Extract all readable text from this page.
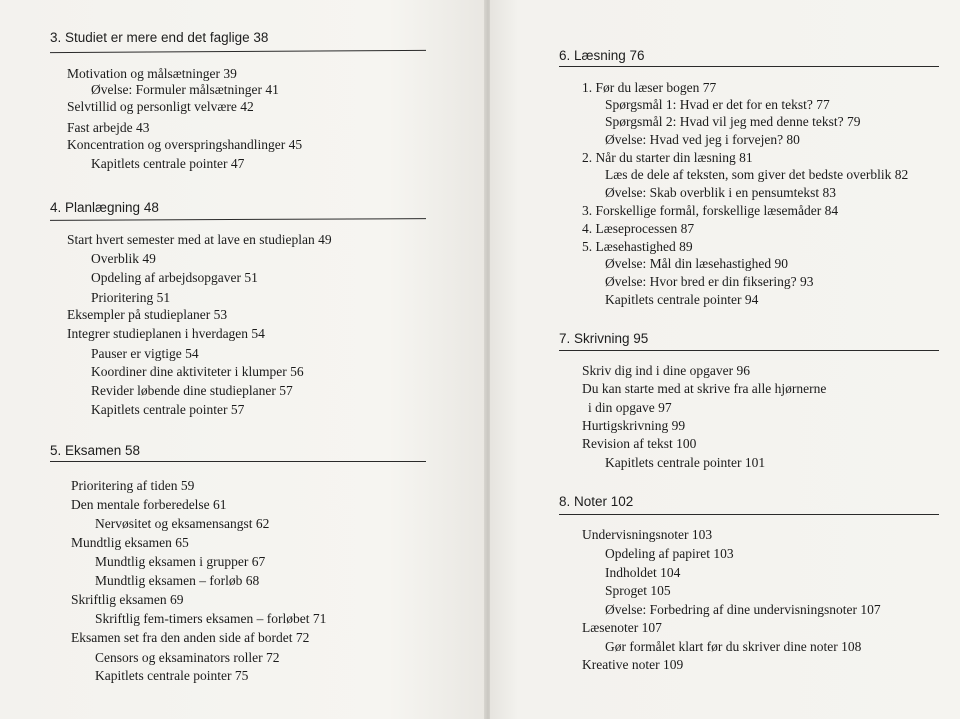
3. Studiet er mere end det faglige 38
Motivation og målsætninger 39
Øvelse: Formuler målsætninger 41
Selvtillid og personligt velvære 42
Fast arbejde 43
Koncentration og overspringshandlinger 45
Kapitlets centrale pointer 47
4. Planlægning 48
Start hvert semester med at lave en studieplan 49
Overblik 49
Opdeling af arbejdsopgaver 51
Prioritering 51
Eksempler på studieplaner 53
Integrer studieplanen i hverdagen 54
Pauser er vigtige 54
Koordiner dine aktiviteter i klumper 56
Revider løbende dine studieplaner 57
Kapitlets centrale pointer 57
5. Eksamen 58
Prioritering af tiden 59
Den mentale forberedelse 61
Nervøsitet og eksamensangst 62
Mundtlig eksamen 65
Mundtlig eksamen i grupper 67
Mundtlig eksamen – forløb 68
Skriftlig eksamen 69
Skriftlig fem-timers eksamen – forløbet 71
Eksamen set fra den anden side af bordet 72
Censors og eksaminators roller 72
Kapitlets centrale pointer 75
6. Læsning 76
1. Før du læser bogen 77
Spørgsmål 1: Hvad er det for en tekst? 77
Spørgsmål 2: Hvad vil jeg med denne tekst? 79
Øvelse: Hvad ved jeg i forvejen? 80
2. Når du starter din læsning 81
Læs de dele af teksten, som giver det bedste overblik 82
Øvelse: Skab overblik i en pensumtekst 83
3. Forskellige formål, forskellige læsemåder 84
4. Læseprocessen 87
5. Læsehastighed 89
Øvelse: Mål din læsehastighed 90
Øvelse: Hvor bred er din fiksering? 93
Kapitlets centrale pointer 94
7. Skrivning 95
Skriv dig ind i dine opgaver 96
Du kan starte med at skrive fra alle hjørnerne
i din opgave 97
Hurtigskrivning 99
Revision af tekst 100
Kapitlets centrale pointer 101
8. Noter 102
Undervisningsnoter 103
Opdeling af papiret 103
Indholdet 104
Sproget 105
Øvelse: Forbedring af dine undervisningsnoter 107
Læsenoter 107
Gør formålet klart før du skriver dine noter 108
Kreative noter 109
